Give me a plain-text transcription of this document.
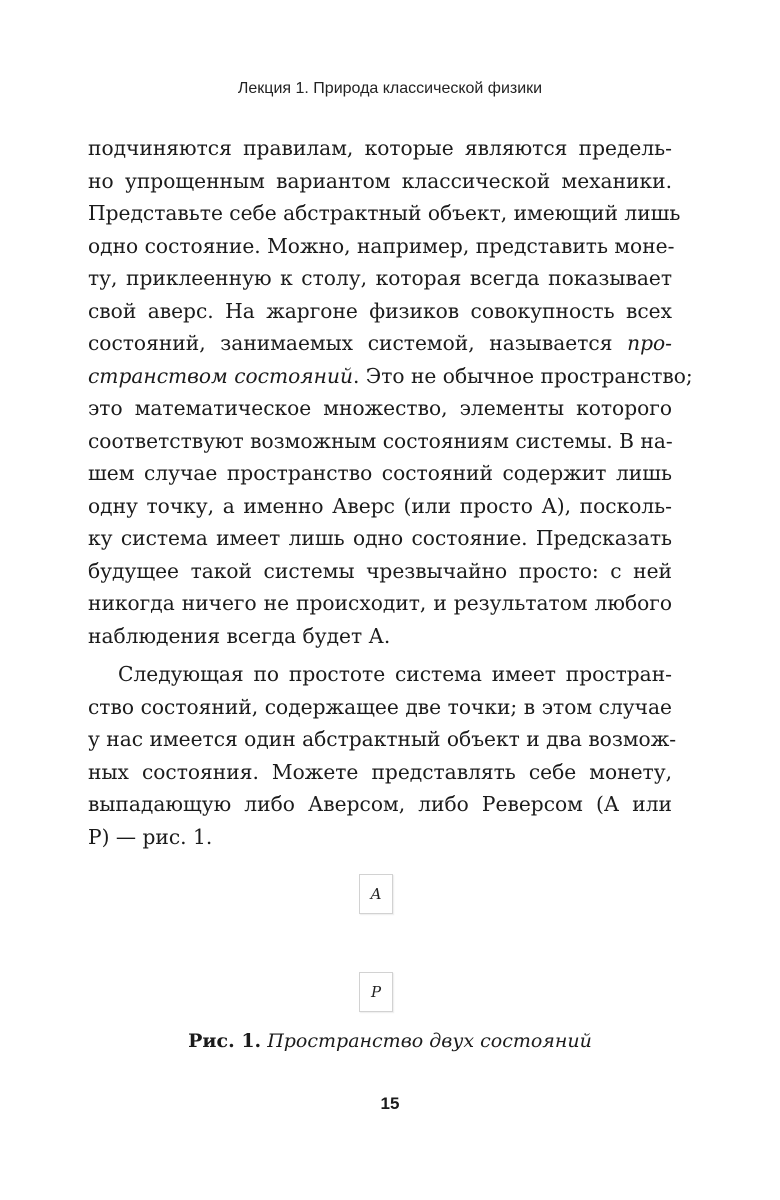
Лекция 1. Природа классической физики
подчиняются правилам, которые являются предель-
но упрощенным вариантом классической механики.
Представьте себе абстрактный объект, имеющий лишь
одно состояние. Можно, например, представить моне-
ту, приклеенную к столу, которая всегда показывает
свой аверс. На жаргоне физиков совокупность всех
состояний, занимаемых системой, называется про-
странством состояний. Это не обычное пространство;
это математическое множество, элементы которого
соответствуют возможным состояниям системы. В на-
шем случае пространство состояний содержит лишь
одну точку, а именно Аверс (или просто А), посколь-
ку система имеет лишь одно состояние. Предсказать
будущее такой системы чрезвычайно просто: с ней
никогда ничего не происходит, и результатом любого
наблюдения всегда будет А.
Следующая по простоте система имеет простран-
ство состояний, содержащее две точки; в этом случае
у нас имеется один абстрактный объект и два возмож-
ных состояния. Можете представлять себе монету,
выпадающую либо Аверсом, либо Реверсом (А или
Р) — рис. 1.
A
P
Рис. 1. Пространство двух состояний
15
